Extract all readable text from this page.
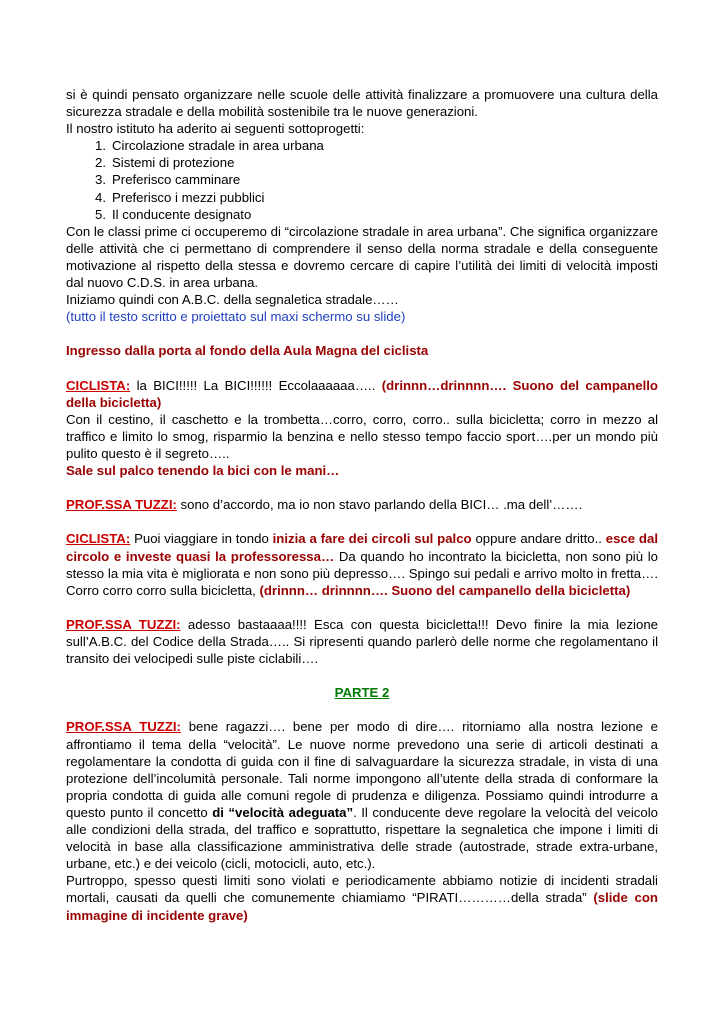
si è quindi pensato organizzare nelle scuole delle attività finalizzare a promuovere una cultura della sicurezza stradale e della mobilità sostenibile tra le nuove generazioni.

Il nostro istituto ha aderito ai seguenti sottoprogetti:

1. Circolazione stradale in area urbana
2. Sistemi di protezione
3. Preferisco camminare
4. Preferisco i mezzi pubblici
5. Il conducente designato

Con le classi prime ci occuperemo di “circolazione stradale in area urbana”. Che significa organizzare delle attività che ci permettano di comprendere il senso della norma stradale e della conseguente motivazione al rispetto della stessa e dovremo cercare di capire l’utilità dei limiti di velocità imposti dal nuovo C.D.S. in area urbana.

Iniziamo quindi con A.B.C. della segnaletica stradale……

(tutto il testo scritto e proiettato sul maxi schermo su slide)

Ingresso dalla porta al fondo della Aula Magna del ciclista

CICLISTA: la BICI!!!!! La BICI!!!!!! Eccolaaaaaa….. (drinnn…drinnnn…. Suono del campanello della bicicletta)

Con il cestino, il caschetto e la trombetta…corro, corro, corro.. sulla bicicletta; corro in mezzo al traffico e limito lo smog, risparmio la benzina e nello stesso tempo faccio sport….per un mondo più pulito questo è il segreto…..

Sale sul palco tenendo la bici con le mani…

PROF.SSA TUZZI: sono d’accordo, ma io non stavo parlando della BICI… .ma dell’…….

CICLISTA: Puoi viaggiare in tondo inizia a fare dei circoli sul palco oppure andare dritto.. esce dal circolo e investe quasi la professoressa… Da quando ho incontrato la bicicletta, non sono più lo stesso la mia vita è migliorata e non sono più depresso…. Spingo sui pedali e arrivo molto in fretta…. Corro corro corro sulla bicicletta, (drinnn… drinnnn…. Suono del campanello della bicicletta)

PROF.SSA TUZZI: adesso bastaaaa!!!! Esca con questa bicicletta!!! Devo finire la mia lezione sull’A.B.C. del Codice della Strada….. Si ripresenti quando parlerò delle norme che regolamentano il transito dei velocipedi sulle piste ciclabili….

PARTE 2

PROF.SSA TUZZI: bene ragazzi…. bene per modo di dire…. ritorniamo alla nostra lezione e affrontiamo il tema della “velocità”. Le nuove norme prevedono una serie di articoli destinati a regolamentare la condotta di guida con il fine di salvaguardare la sicurezza stradale, in vista di una protezione dell’incolumità personale. Tali norme impongono all’utente della strada di conformare la propria condotta di guida alle comuni regole di prudenza e diligenza. Possiamo quindi introdurre a questo punto il concetto di “velocità adeguata”. Il conducente deve regolare la velocità del veicolo alle condizioni della strada, del traffico e soprattutto, rispettare la segnaletica che impone i limiti di velocità in base alla classificazione amministrativa delle strade (autostrade, strade extra-urbane, urbane, etc.) e dei veicolo (cicli, motocicli, auto, etc.).

Purtroppo, spesso questi limiti sono violati e periodicamente abbiamo notizie di incidenti stradali mortali, causati da quelli che comunemente chiamiamo “PIRATI…………della strada” (slide con immagine di incidente grave)
